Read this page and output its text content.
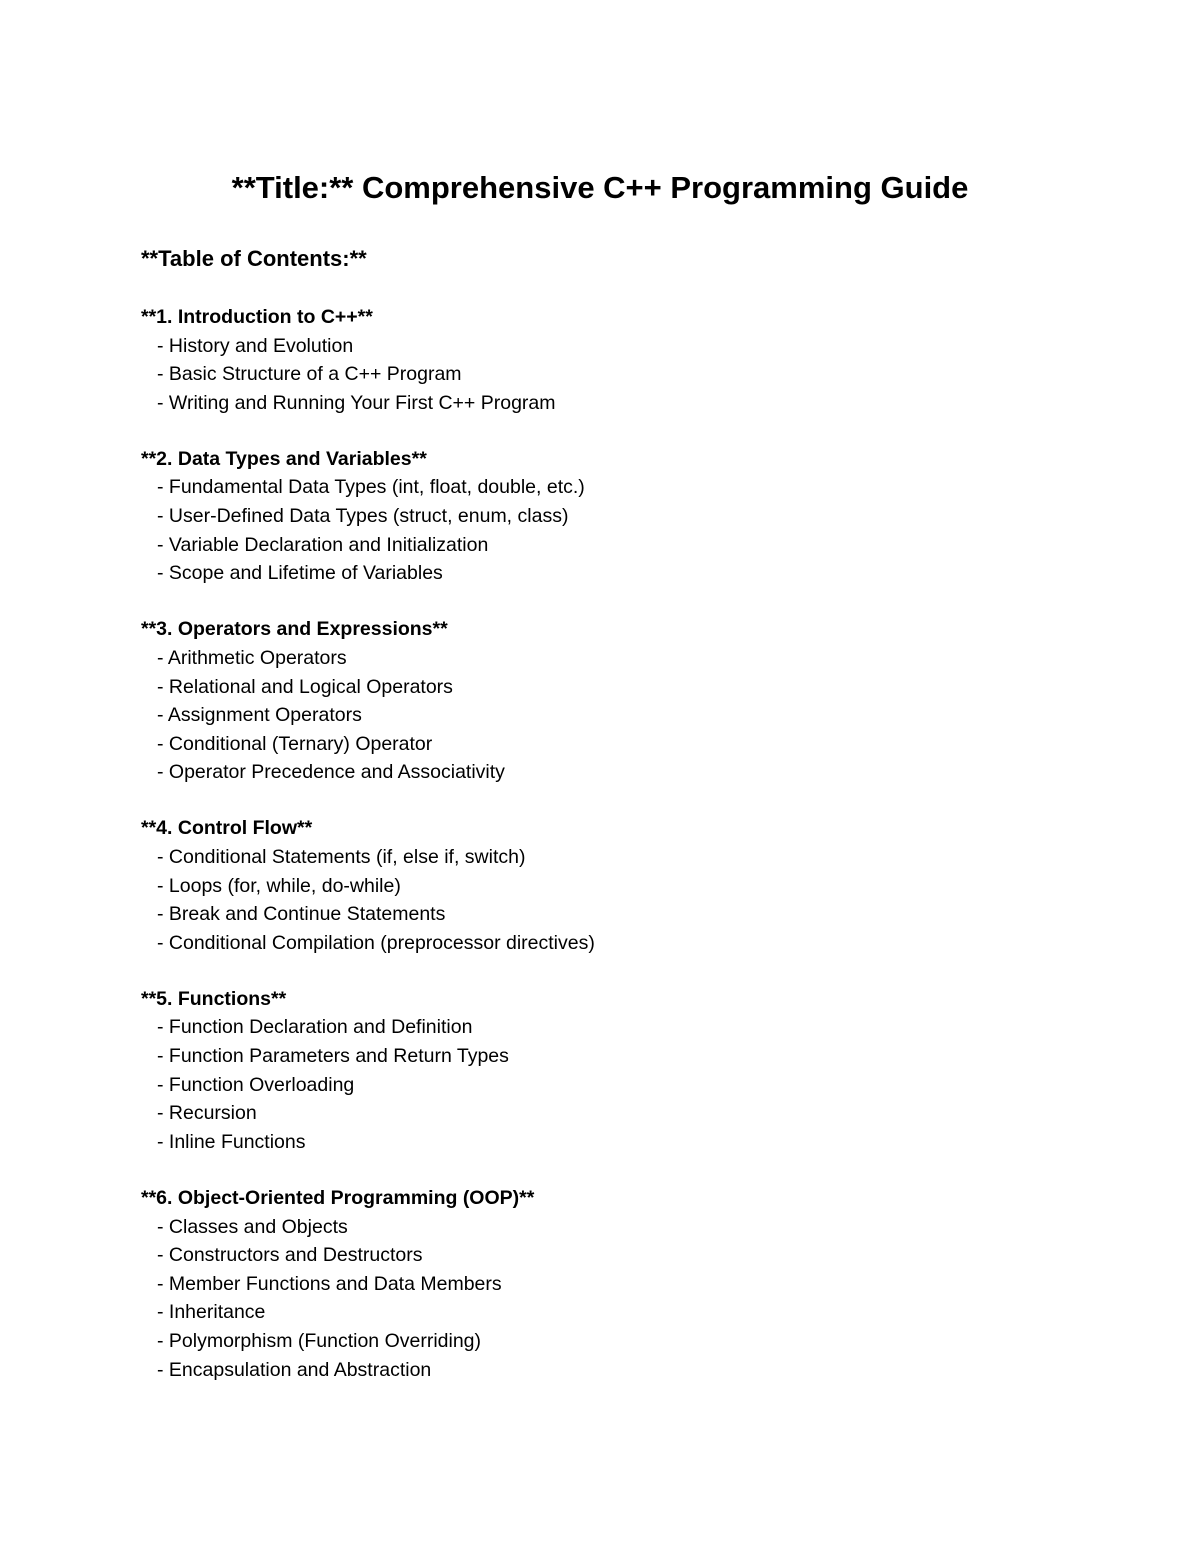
**Title:** Comprehensive C++ Programming Guide
**Table of Contents:**
**1. Introduction to C++**
- History and Evolution
- Basic Structure of a C++ Program
- Writing and Running Your First C++ Program
**2. Data Types and Variables**
- Fundamental Data Types (int, float, double, etc.)
- User-Defined Data Types (struct, enum, class)
- Variable Declaration and Initialization
- Scope and Lifetime of Variables
**3. Operators and Expressions**
- Arithmetic Operators
- Relational and Logical Operators
- Assignment Operators
- Conditional (Ternary) Operator
- Operator Precedence and Associativity
**4. Control Flow**
- Conditional Statements (if, else if, switch)
- Loops (for, while, do-while)
- Break and Continue Statements
- Conditional Compilation (preprocessor directives)
**5. Functions**
- Function Declaration and Definition
- Function Parameters and Return Types
- Function Overloading
- Recursion
- Inline Functions
**6. Object-Oriented Programming (OOP)**
- Classes and Objects
- Constructors and Destructors
- Member Functions and Data Members
- Inheritance
- Polymorphism (Function Overriding)
- Encapsulation and Abstraction
